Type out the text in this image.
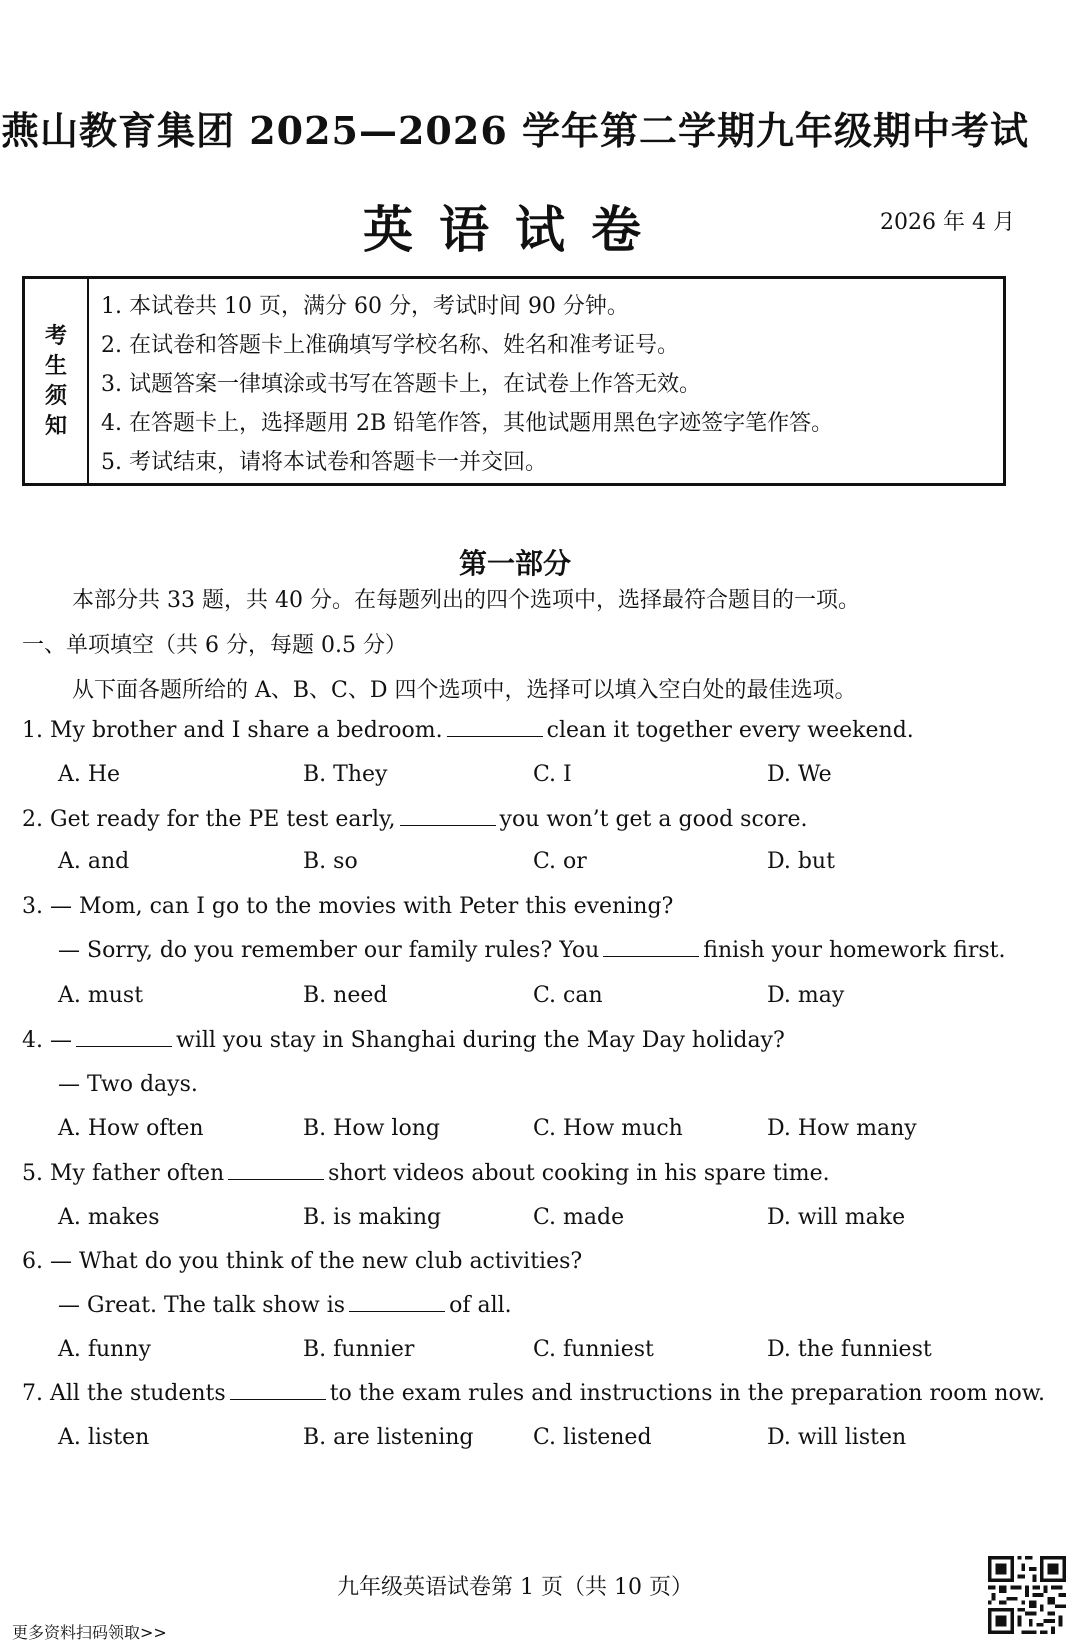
燕山教育集团 2025—2026 学年第二学期九年级期中考试
英语试卷	2026 年 4 月
考
生
须
知
1. 本试卷共 10 页，满分 60 分，考试时间 90 分钟。
2. 在试卷和答题卡上准确填写学校名称、姓名和准考证号。
3. 试题答案一律填涂或书写在答题卡上，在试卷上作答无效。
4. 在答题卡上，选择题用 2B 铅笔作答，其他试题用黑色字迹签字笔作答。
5. 考试结束，请将本试卷和答题卡一并交回。
第一部分
本部分共 33 题，共 40 分。在每题列出的四个选项中，选择最符合题目的一项。
一、单项填空（共 6 分，每题 0.5 分）
从下面各题所给的 A、B、C、D 四个选项中，选择可以填入空白处的最佳选项。
1. My brother and I share a bedroom.	clean it together every weekend.
A. He	B. They	C. I	D. We
2. Get ready for the PE test early,	you won’t get a good score.
A. and	B. so	C. or	D. but
3. — Mom, can I go to the movies with Peter this evening?
— Sorry, do you remember our family rules? You	finish your homework first.
A. must	B. need	C. can	D. may
4. —	will you stay in Shanghai during the May Day holiday?
— Two days.
A. How often	B. How long	C. How much	D. How many
5. My father often	short videos about cooking in his spare time.
A. makes	B. is making	C. made	D. will make
6. — What do you think of the new club activities?
— Great. The talk show is	of all.
A. funny	B. funnier	C. funniest	D. the funniest
7. All the students	to the exam rules and instructions in the preparation room now.
A. listen	B. are listening	C. listened	D. will listen
九年级英语试卷第 1 页（共 10 页）
更多资料扫码领取>>
